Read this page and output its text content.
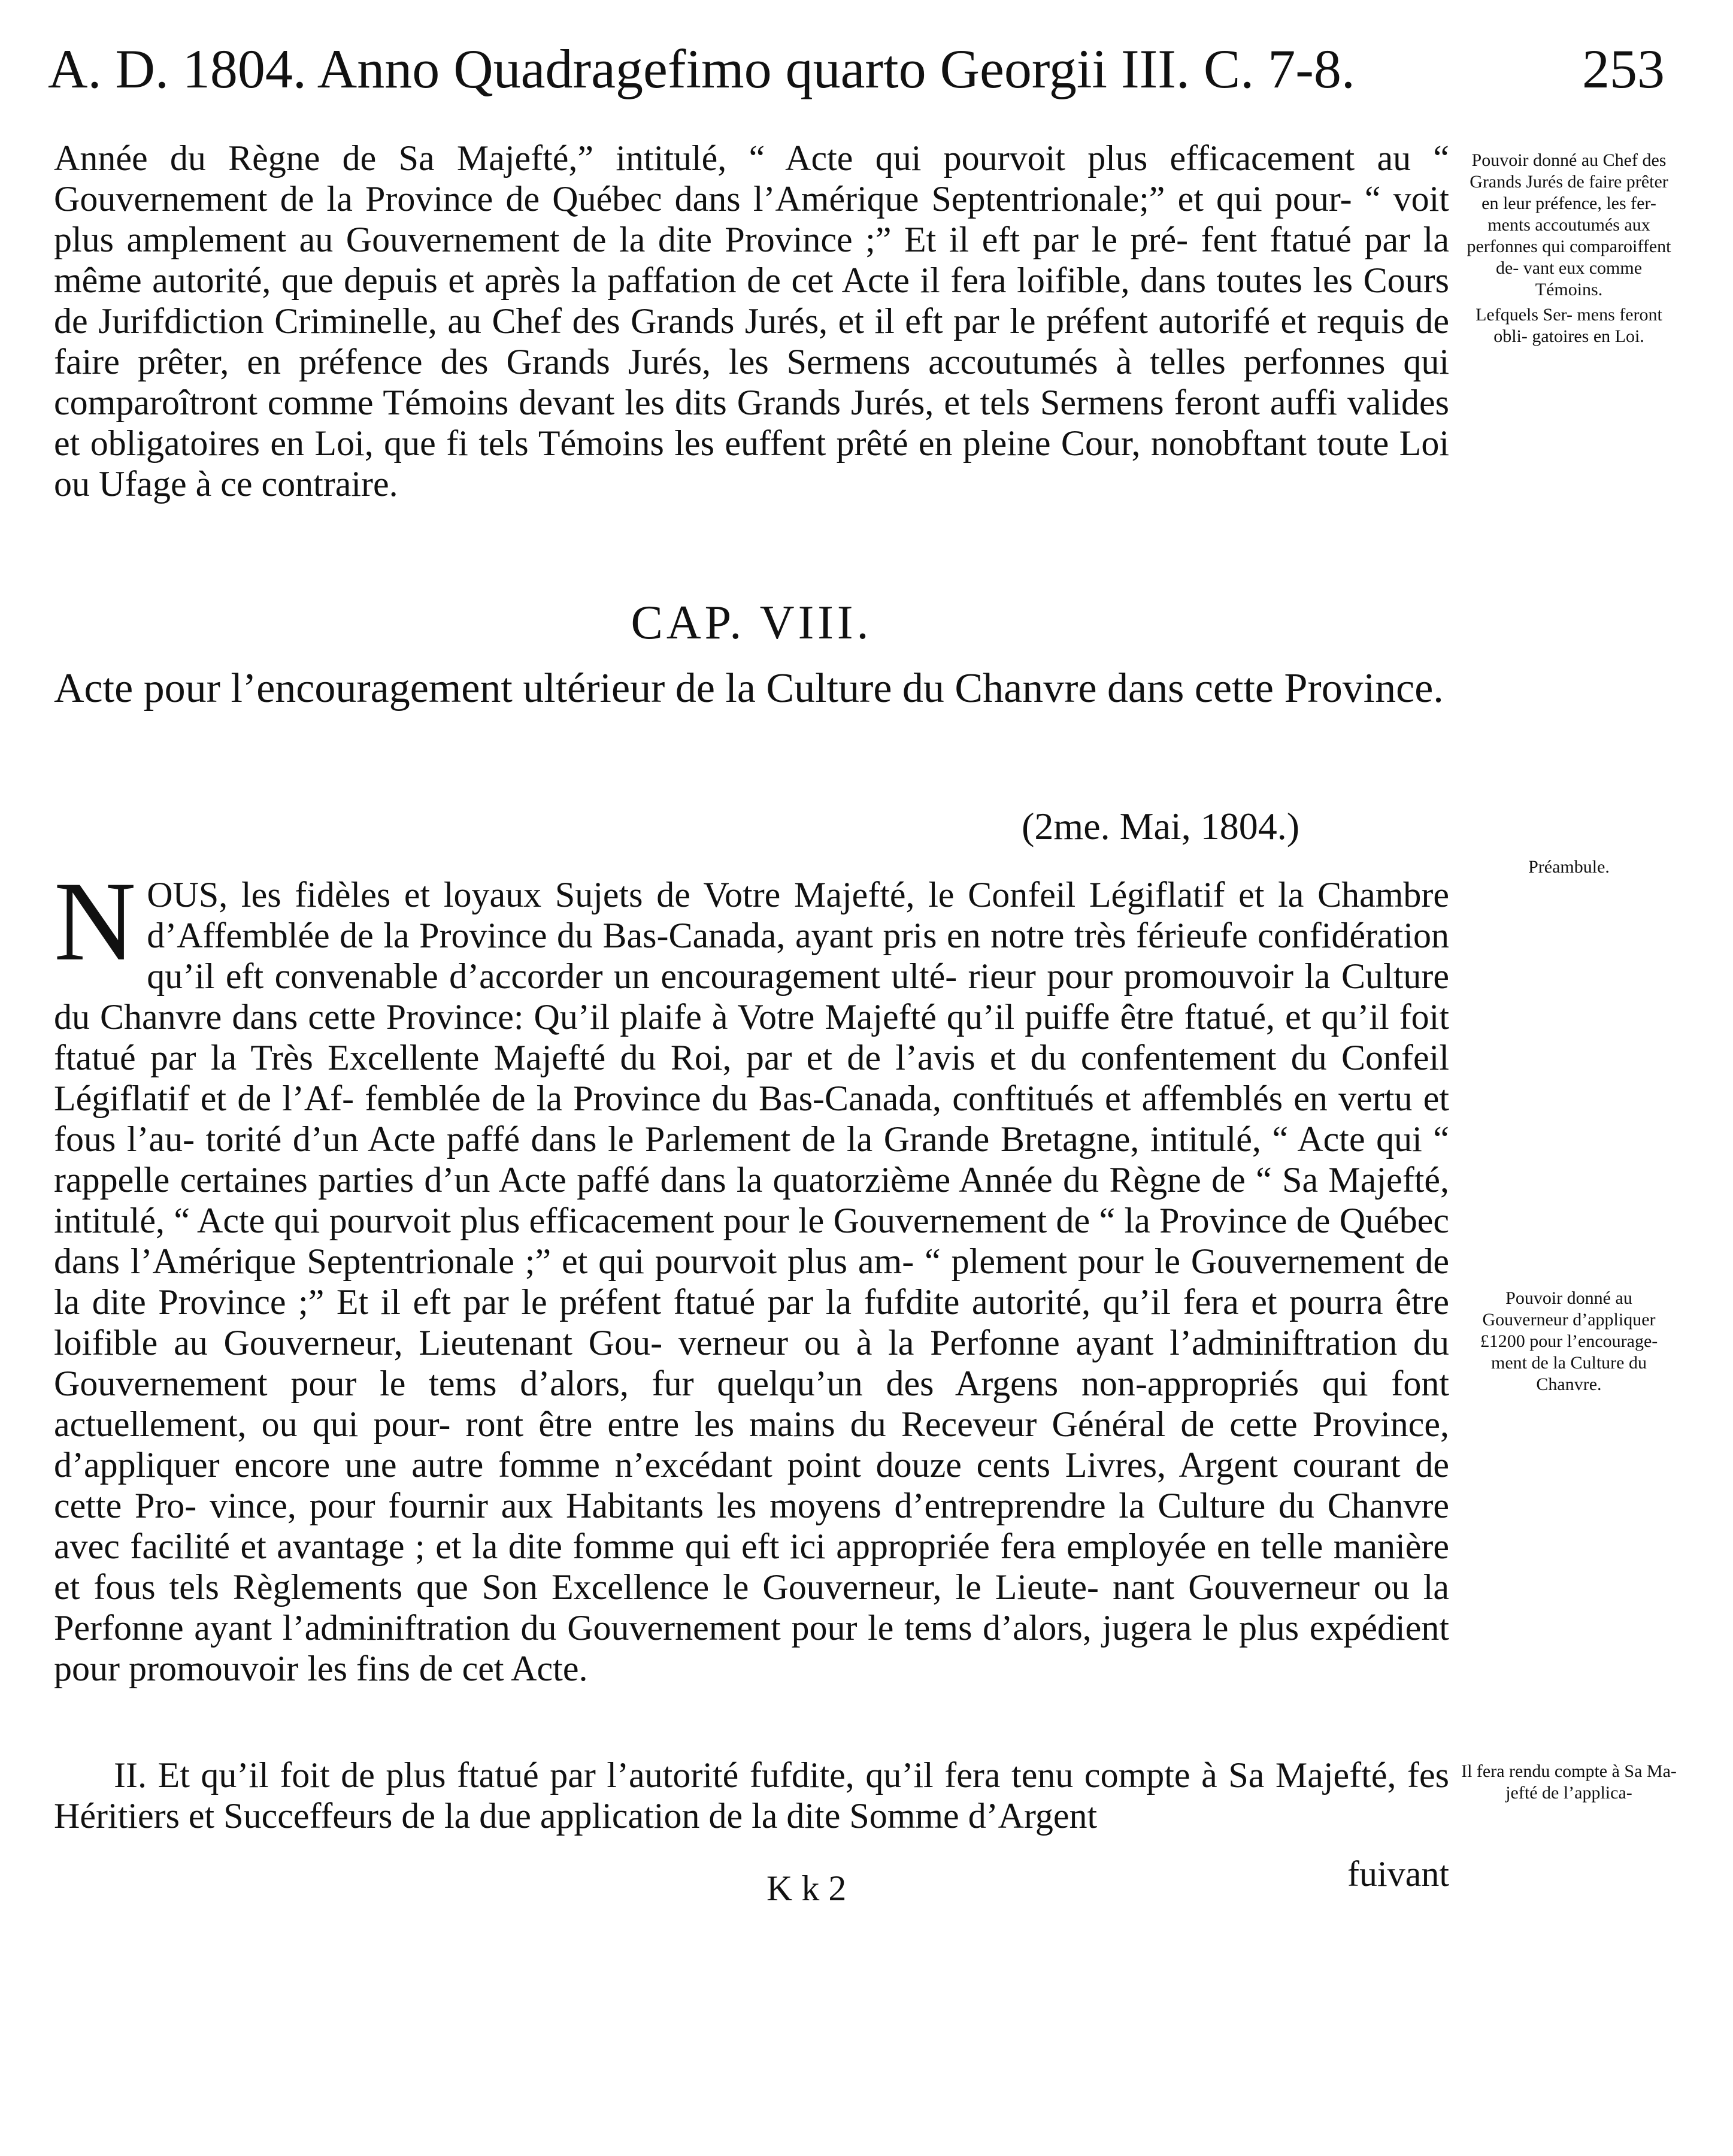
A. D. 1804. Anno Quadragefimo quarto Georgii III. C. 7-8.	253

Année du Règne de Sa Majefté,” intitulé, “ Acte qui pourvoit plus efficacement au “ Gouvernement de la Province de Québec dans l’Amérique Septentrionale;” et qui pour- “ voit plus amplement au Gouvernement de la dite Province ;” Et il eft par le pré- fent ftatué par la même autorité, que depuis et après la paffation de cet Acte il fera loifible, dans toutes les Cours de Jurifdiction Criminelle, au Chef des Grands Jurés, et il eft par le préfent autorifé et requis de faire prêter, en préfence des Grands Jurés, les Sermens accoutumés à telles perfonnes qui comparoîtront comme Témoins devant les dits Grands Jurés, et tels Sermens feront auffi valides et obligatoires en Loi, que fi tels Témoins les euffent prêté en pleine Cour, nonobftant toute Loi ou Ufage à ce contraire.

CAP. VIII.
Acte pour l’encouragement ultérieur de la Culture du Chanvre dans cette Province.
(2me. Mai, 1804.)
N OUS, les fidèles et loyaux Sujets de Votre Majefté, le Confeil Légiflatif et la Chambre d’Affemblée de la Province du Bas-Canada, ayant pris en notre très férieufe confidération qu’il eft convenable d’accorder un encouragement ulté- rieur pour promouvoir la Culture du Chanvre dans cette Province: Qu’il plaife à Votre Majefté qu’il puiffe être ftatué, et qu’il foit ftatué par la Très Excellente Majefté du Roi, par et de l’avis et du confentement du Confeil Légiflatif et de l’Af- femblée de la Province du Bas-Canada, conftitués et affemblés en vertu et fous l’au- torité d’un Acte paffé dans le Parlement de la Grande Bretagne, intitulé, “ Acte qui “ rappelle certaines parties d’un Acte paffé dans la quatorzième Année du Règne de “ Sa Majefté, intitulé, “ Acte qui pourvoit plus efficacement pour le Gouvernement de “ la Province de Québec dans l’Amérique Septentrionale ;” et qui pourvoit plus am- “ plement pour le Gouvernement de la dite Province ;” Et il eft par le préfent ftatué par la fufdite autorité, qu’il fera et pourra être loifible au Gouverneur, Lieutenant Gou- verneur ou à la Perfonne ayant l’adminiftration du Gouvernement pour le tems d’alors, fur quelqu’un des Argens non-appropriés qui font actuellement, ou qui pour- ront être entre les mains du Receveur Général de cette Province, d’appliquer encore une autre fomme n’excédant point douze cents Livres, Argent courant de cette Pro- vince, pour fournir aux Habitants les moyens d’entreprendre la Culture du Chanvre avec facilité et avantage ; et la dite fomme qui eft ici appropriée fera employée en telle manière et fous tels Règlements que Son Excellence le Gouverneur, le Lieute- nant Gouverneur ou la Perfonne ayant l’adminiftration du Gouvernement pour le tems d’alors, jugera le plus expédient pour promouvoir les fins de cet Acte.

II. Et qu’il foit de plus ftatué par l’autorité fufdite, qu’il fera tenu compte à Sa Majefté, fes Héritiers et Succeffeurs de la due application de la dite Somme d’Argent

K k 2	fuivant

Pouvoir donné au Chef des Grands Jurés de faire prêter en leur préfence, les fer- ments accoutumés aux perfonnes qui comparoiffent de- vant eux comme Témoins.

Lefquels Ser- mens feront obli- gatoires en Loi.

Préambule.

Pouvoir donné au Gouverneur d’appliquer £1200 pour l’encourage- ment de la Culture du Chanvre.

Il fera rendu compte à Sa Ma- jefté de l’applica-
